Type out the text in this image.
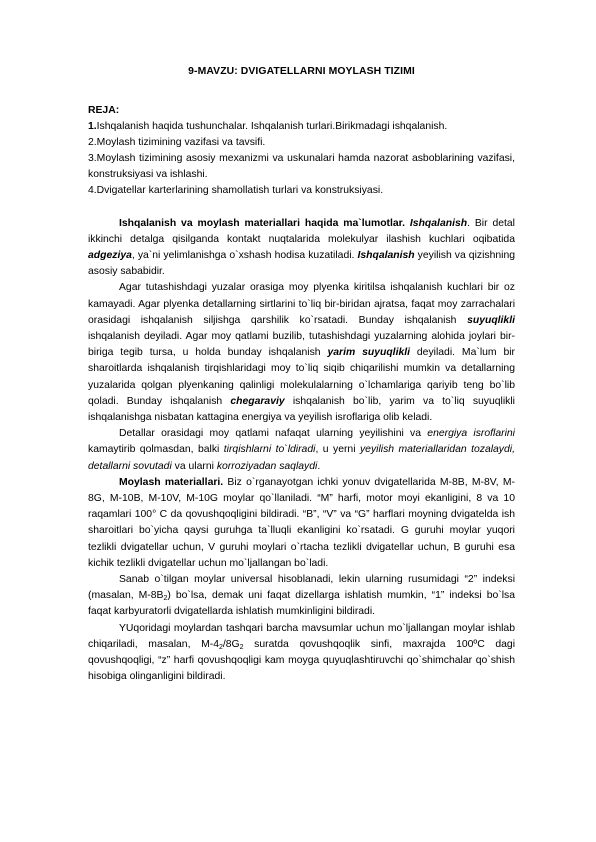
9-MAVZU: DVIGATELLARNI MOYLASH TIZIMI
REJA:
1.Ishqalanish haqida tushunchalar. Ishqalanish turlari.Birikmadagi ishqalanish.
2.Moylash tizimining vazifasi va tavsifi.
3.Moylash tizimining asosiy mexanizmi va uskunalari hamda nazorat asboblarining vazifasi, konstruksiyasi va ishlashi.
4.Dvigatellar karterlarining shamollatish turlari va konstruksiyasi.

Ishqalanish va moylash materiallari haqida ma`lumotlar. Ishqalanish. Bir detal ikkinchi detalga qisilganda kontakt nuqtalarida molekulyar ilashish kuchlari oqibatida adgeziya, ya`ni yelimlanishga o`xshash hodisa kuzatiladi. Ishqalanish yeyilish va qizishning asosiy sababidir.

Agar tutashishdagi yuzalar orasiga moy plyenka kiritilsa ishqalanish kuchlari bir oz kamayadi. Agar plyenka detallarning sirtlarini to`liq bir-biridan ajratsa, faqat moy zarrachalari orasidagi ishqalanish siljishga qarshilik ko`rsatadi. Bunday ishqalanish suyuqlikli ishqalanish deyiladi. Agar moy qatlami buzilib, tutashishdagi yuzalarning alohida joylari bir-biriga tegib tursa, u holda bunday ishqalanish yarim suyuqlikli deyiladi. Ma`lum bir sharoitlarda ishqalanish tirqishlaridagi moy to`liq siqib chiqarilishi mumkin va detallarning yuzalarida qolgan plyenkaning qalinligi molekulalarning o`lchamlariga qariyib teng bo`lib qoladi. Bunday ishqalanish chegaraviy ishqalanish bo`lib, yarim va to`liq suyuqlikli ishqalanishga nisbatan kattagina energiya va yeyilish isroflariga olib keladi.

Detallar orasidagi moy qatlami nafaqat ularning yeyilishini va energiya isroflarini kamaytirib qolmasdan, balki tirqishlarni to`ldiradi, u yerni yeyilish materiallaridan tozalaydi, detallarni sovutadi va ularni korroziyadan saqlaydi.

Moylash materiallari. Biz o`rganayotgan ichki yonuv dvigatellarida M-8B, M-8V, M-8G, M-10B, M-10V, M-10G moylar qo`llaniladi. “M” harfi, motor moyi ekanligini, 8 va 10 raqamlari 100° C da qovushqoqligini bildiradi. “B”, “V” va “G” harflari moyning dvigatelda ish sharoitlari bo`yicha qaysi guruhga ta`lluqli ekanligini ko`rsatadi. G guruhi moylar yuqori tezlikli dvigatellar uchun, V guruhi moylari o`rtacha tezlikli dvigatellar uchun, B guruhi esa kichik tezlikli dvigatellar uchun mo`ljallangan bo`ladi.

Sanab o`tilgan moylar universal hisoblanadi, lekin ularning rusumidagi “2” indeksi (masalan, $M-8B_2$) bo`lsa, demak uni faqat dizellarga ishlatish mumkin, “1” indeksi bo`lsa faqat karbyuratorli dvigatellarda ishlatish mumkinligini bildiradi.

YUqoridagi moylardan tashqari barcha mavsumlar uchun mo`ljallangan moylar ishlab chiqariladi, masalan, $M-4_2/8G_2$ suratda qovushqoqlik sinfi, maxrajda 100ºC dagi qovushqoqligi, “z” harfi qovushqoqligi kam moyga quyuqlashtiruvchi qo`shimchalar qo`shish hisobiga olinganligini bildiradi.
